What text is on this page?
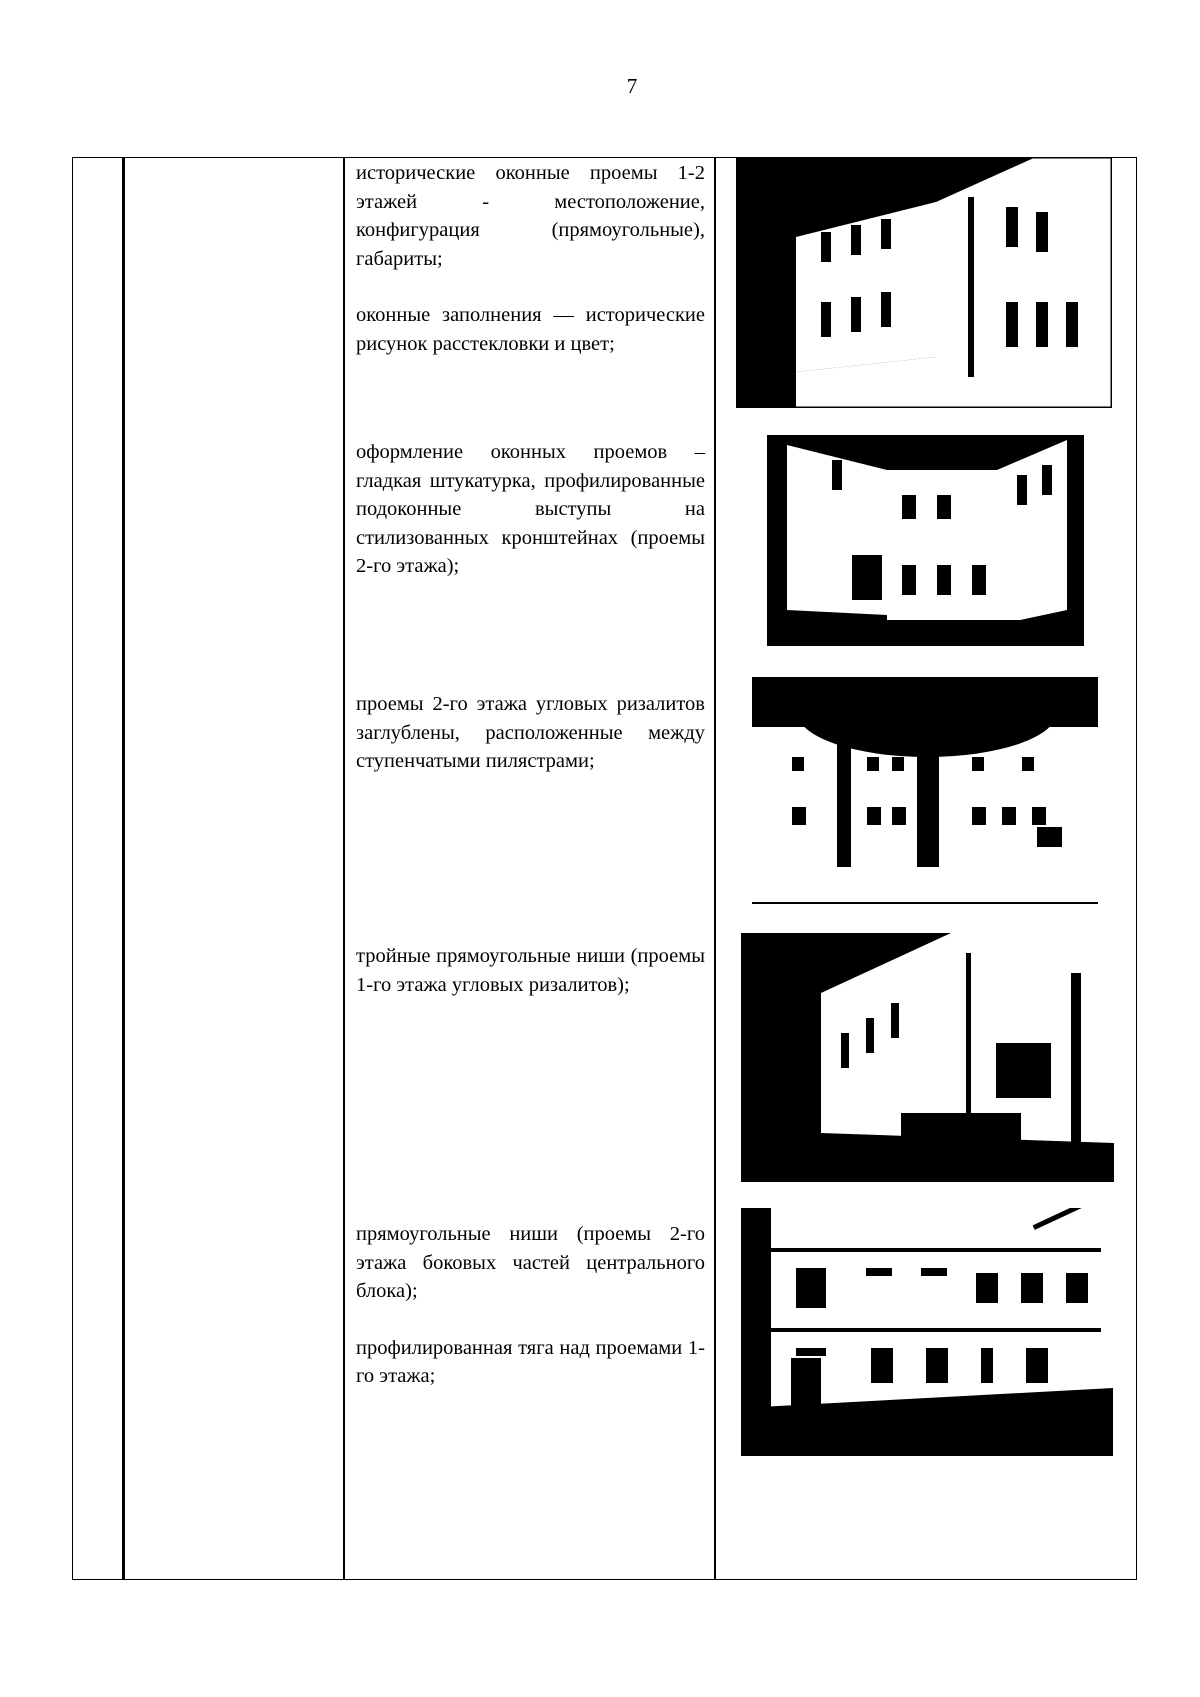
7

исторические оконные проемы 1-2 этажей - местоположение, конфигурация (прямоугольные), габариты;

оконные заполнения — исторические рисунок расстекловки и цвет;

оформление оконных проемов – гладкая штукатурка, профилированные подоконные выступы на стилизованных кронштейнах (проемы 2-го этажа);

проемы 2-го этажа угловых ризалитов заглублены, расположенные между ступенчатыми пилястрами;

тройные прямоугольные ниши (проемы 1-го этажа угловых ризалитов);

прямоугольные ниши (проемы 2-го этажа боковых частей центрального блока);

профилированная тяга над проемами 1-го этажа;
